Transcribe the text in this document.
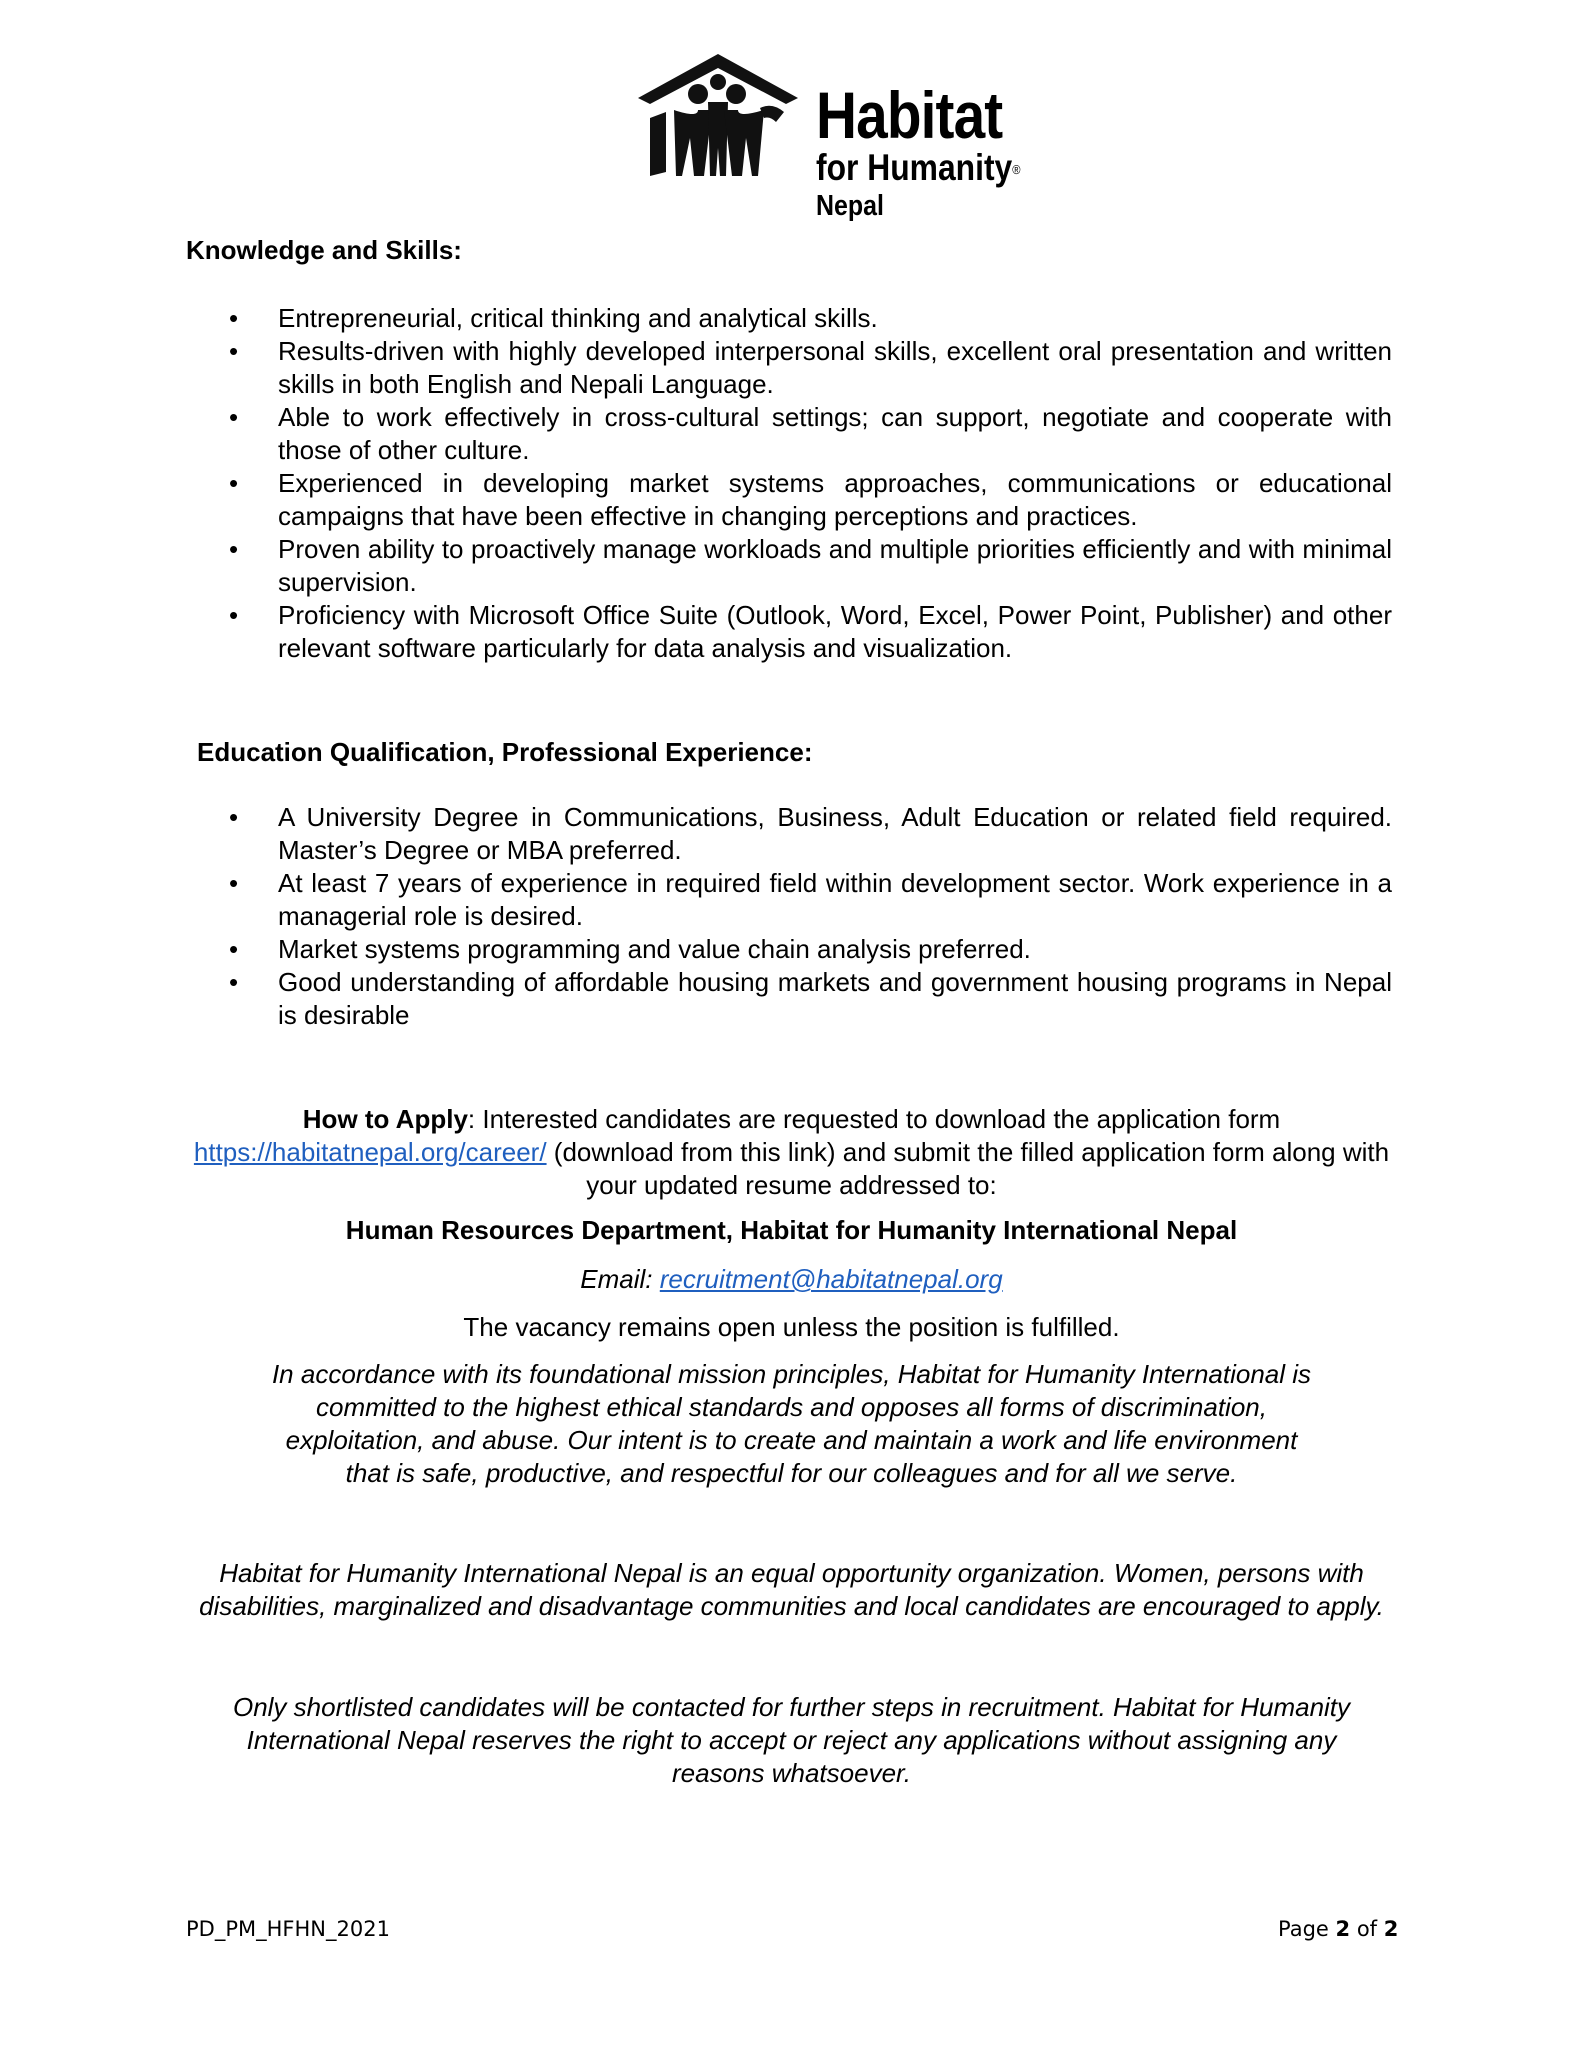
Habitat
for Humanity®
Nepal
Knowledge and Skills:
• Entrepreneurial, critical thinking and analytical skills.
• Results-driven with highly developed interpersonal skills, excellent oral presentation and written skills in both English and Nepali Language.
• Able to work effectively in cross-cultural settings; can support, negotiate and cooperate with those of other culture.
• Experienced in developing market systems approaches, communications or educational campaigns that have been effective in changing perceptions and practices.
• Proven ability to proactively manage workloads and multiple priorities efficiently and with minimal supervision.
• Proficiency with Microsoft Office Suite (Outlook, Word, Excel, Power Point, Publisher) and other relevant software particularly for data analysis and visualization.
Education Qualification, Professional Experience:
• A University Degree in Communications, Business, Adult Education or related field required. Master’s Degree or MBA preferred.
• At least 7 years of experience in required field within development sector. Work experience in a managerial role is desired.
• Market systems programming and value chain analysis preferred.
• Good understanding of affordable housing markets and government housing programs in Nepal is desirable

How to Apply: Interested candidates are requested to download the application form
https://habitatnepal.org/career/ (download from this link) and submit the filled application form along with your updated resume addressed to:

Human Resources Department, Habitat for Humanity International Nepal

Email: recruitment@habitatnepal.org

The vacancy remains open unless the position is fulfilled.

In accordance with its foundational mission principles, Habitat for Humanity International is committed to the highest ethical standards and opposes all forms of discrimination, exploitation, and abuse. Our intent is to create and maintain a work and life environment that is safe, productive, and respectful for our colleagues and for all we serve.

Habitat for Humanity International Nepal is an equal opportunity organization. Women, persons with disabilities, marginalized and disadvantage communities and local candidates are encouraged to apply.

Only shortlisted candidates will be contacted for further steps in recruitment. Habitat for Humanity International Nepal reserves the right to accept or reject any applications without assigning any reasons whatsoever.

PD_PM_HFHN_2021	Page 2 of 2
